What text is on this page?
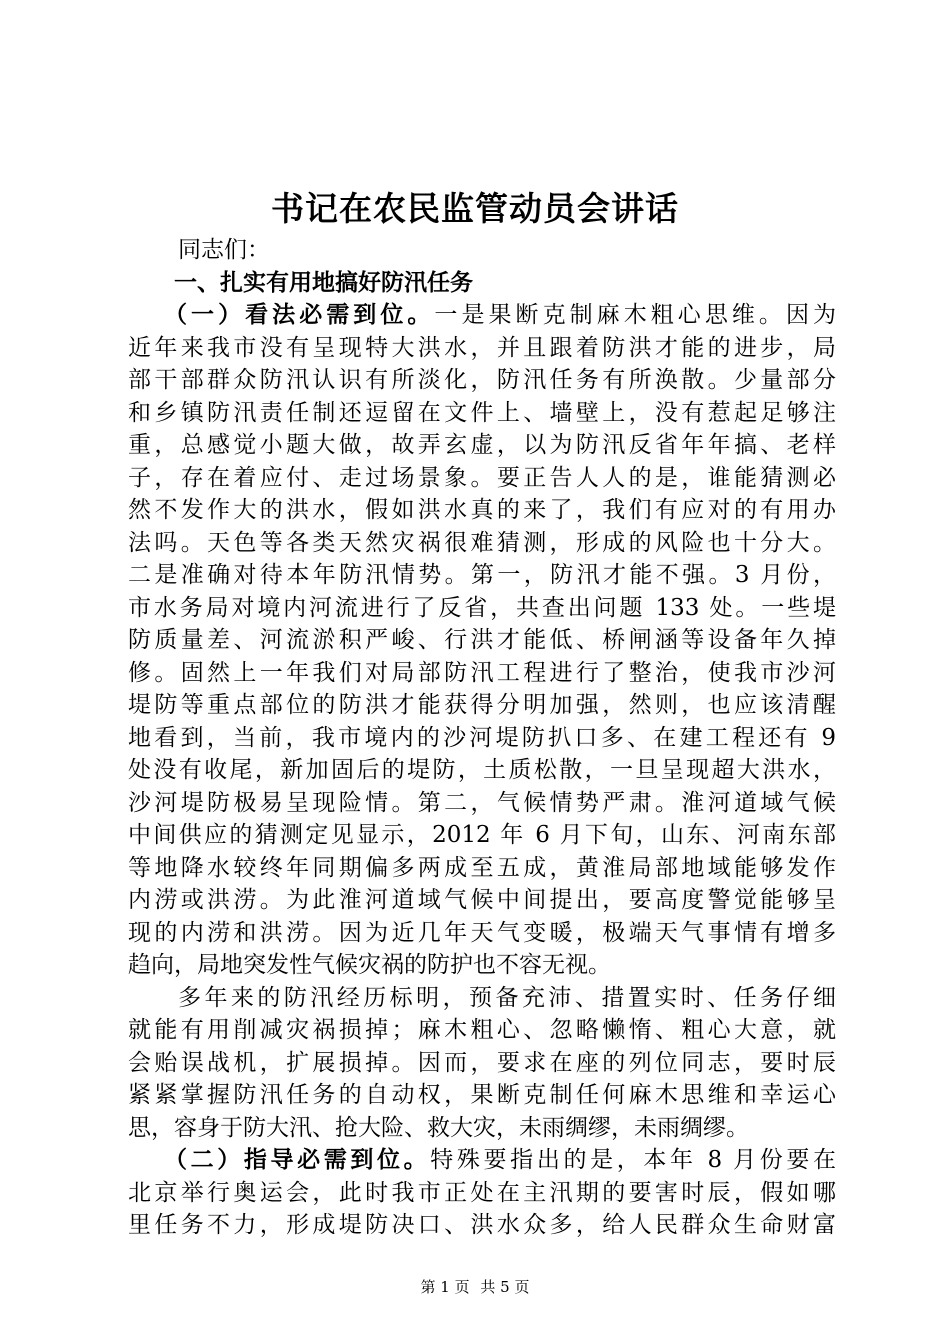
书记在农民监管动员会讲话
同志们：
一、扎实有用地搞好防汛任务
（一）看法必需到位。一是果断克制麻木粗心思维。因为
近年来我市没有呈现特大洪水，并且跟着防洪才能的进步，局
部干部群众防汛认识有所淡化，防汛任务有所涣散。少量部分
和乡镇防汛责任制还逗留在文件上、墙壁上，没有惹起足够注
重，总感觉小题大做，故弄玄虚，以为防汛反省年年搞、老样
子，存在着应付、走过场景象。要正告人人的是，谁能猜测必
然不发作大的洪水，假如洪水真的来了，我们有应对的有用办
法吗。天色等各类天然灾祸很难猜测，形成的风险也十分大。
二是准确对待本年防汛情势。第一，防汛才能不强。3 月份，
市水务局对境内河流进行了反省，共查出问题 133 处。一些堤
防质量差、河流淤积严峻、行洪才能低、桥闸涵等设备年久掉
修。固然上一年我们对局部防汛工程进行了整治，使我市沙河
堤防等重点部位的防洪才能获得分明加强，然则，也应该清醒
地看到，当前，我市境内的沙河堤防扒口多、在建工程还有 9
处没有收尾，新加固后的堤防，土质松散，一旦呈现超大洪水，
沙河堤防极易呈现险情。第二，气候情势严肃。淮河道域气候
中间供应的猜测定见显示，2012 年 6 月下旬，山东、河南东部
等地降水较终年同期偏多两成至五成，黄淮局部地域能够发作
内涝或洪涝。为此淮河道域气候中间提出，要高度警觉能够呈
现的内涝和洪涝。因为近几年天气变暖，极端天气事情有增多
趋向，局地突发性气候灾祸的防护也不容无视。
多年来的防汛经历标明，预备充沛、措置实时、任务仔细
就能有用削减灾祸损掉；麻木粗心、忽略懒惰、粗心大意，就
会贻误战机，扩展损掉。因而，要求在座的列位同志，要时辰
紧紧掌握防汛任务的自动权，果断克制任何麻木思维和幸运心
思，容身于防大汛、抢大险、救大灾，未雨绸缪，未雨绸缪。
（二）指导必需到位。特殊要指出的是，本年 8 月份要在
北京举行奥运会，此时我市正处在主汛期的要害时辰，假如哪
里任务不力，形成堤防决口、洪水众多，给人民群众生命财富
第 1 页 共 5 页
